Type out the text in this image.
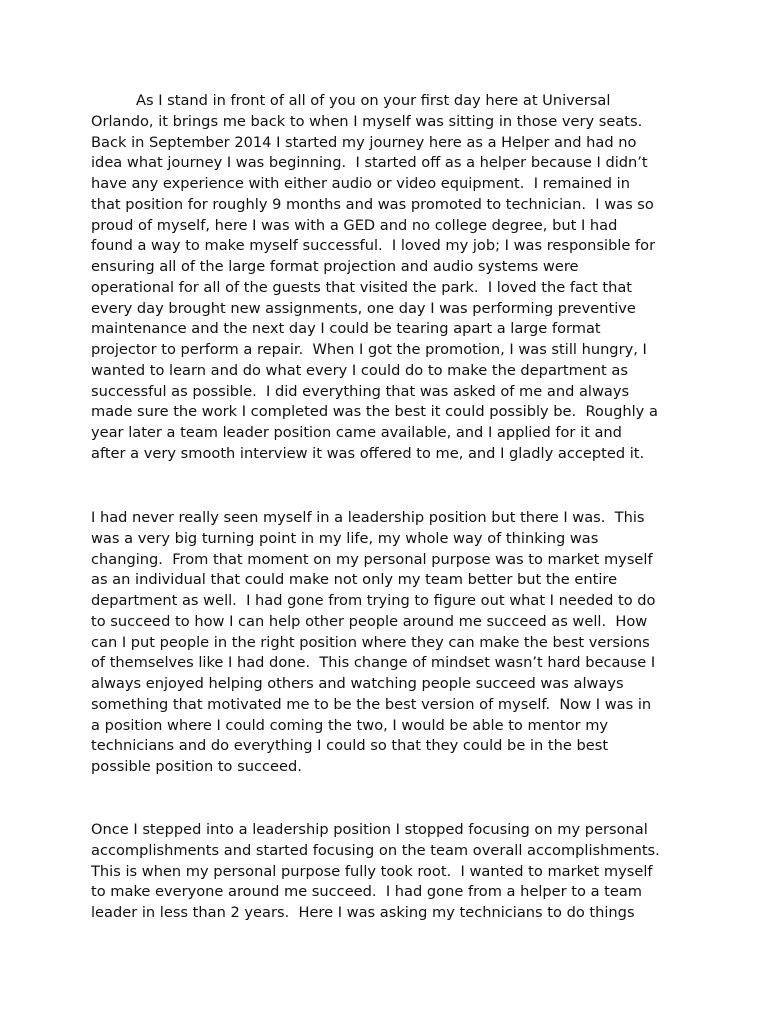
As I stand in front of all of you on your first day here at Universal
Orlando, it brings me back to when I myself was sitting in those very seats.
Back in September 2014 I started my journey here as a Helper and had no
idea what journey I was beginning.  I started off as a helper because I didn’t
have any experience with either audio or video equipment.  I remained in
that position for roughly 9 months and was promoted to technician.  I was so
proud of myself, here I was with a GED and no college degree, but I had
found a way to make myself successful.  I loved my job; I was responsible for
ensuring all of the large format projection and audio systems were
operational for all of the guests that visited the park.  I loved the fact that
every day brought new assignments, one day I was performing preventive
maintenance and the next day I could be tearing apart a large format
projector to perform a repair.  When I got the promotion, I was still hungry, I
wanted to learn and do what every I could do to make the department as
successful as possible.  I did everything that was asked of me and always
made sure the work I completed was the best it could possibly be.  Roughly a
year later a team leader position came available, and I applied for it and
after a very smooth interview it was offered to me, and I gladly accepted it.
I had never really seen myself in a leadership position but there I was.  This
was a very big turning point in my life, my whole way of thinking was
changing.  From that moment on my personal purpose was to market myself
as an individual that could make not only my team better but the entire
department as well.  I had gone from trying to figure out what I needed to do
to succeed to how I can help other people around me succeed as well.  How
can I put people in the right position where they can make the best versions
of themselves like I had done.  This change of mindset wasn’t hard because I
always enjoyed helping others and watching people succeed was always
something that motivated me to be the best version of myself.  Now I was in
a position where I could coming the two, I would be able to mentor my
technicians and do everything I could so that they could be in the best
possible position to succeed.
Once I stepped into a leadership position I stopped focusing on my personal
accomplishments and started focusing on the team overall accomplishments.
This is when my personal purpose fully took root.  I wanted to market myself
to make everyone around me succeed.  I had gone from a helper to a team
leader in less than 2 years.  Here I was asking my technicians to do things
